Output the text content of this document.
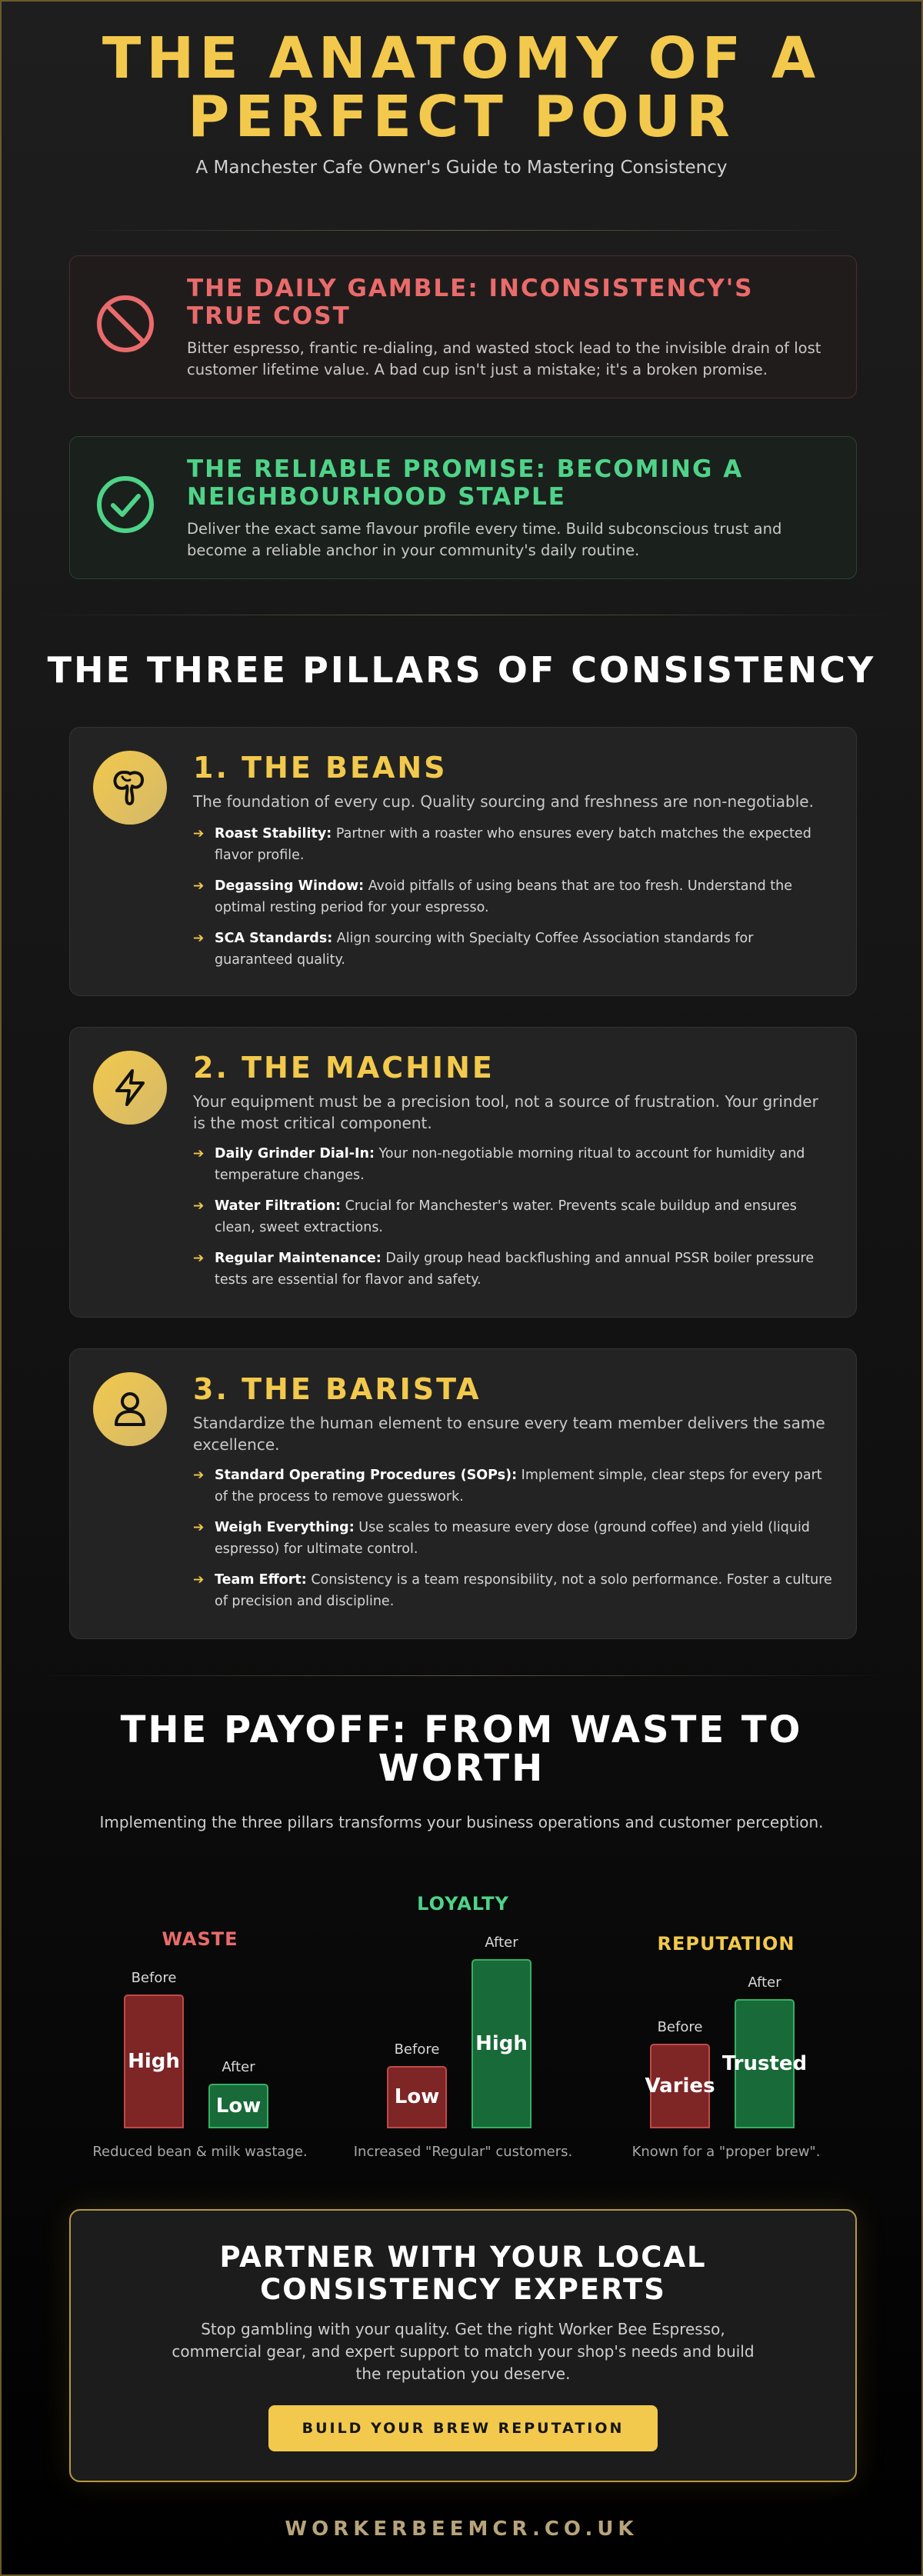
THE ANATOMY OF A PERFECT POUR
A Manchester Cafe Owner's Guide to Mastering Consistency
THE DAILY GAMBLE: INCONSISTENCY'S TRUE COST
Bitter espresso, frantic re-dialing, and wasted stock lead to the invisible drain of lost customer lifetime value. A bad cup isn't just a mistake; it's a broken promise.
THE RELIABLE PROMISE: BECOMING A NEIGHBOURHOOD STAPLE
Deliver the exact same flavour profile every time. Build subconscious trust and become a reliable anchor in your community's daily routine.
THE THREE PILLARS OF CONSISTENCY
1. THE BEANS
The foundation of every cup. Quality sourcing and freshness are non-negotiable.
➔ Roast Stability: Partner with a roaster who ensures every batch matches the expected flavor profile.
➔ Degassing Window: Avoid pitfalls of using beans that are too fresh. Understand the optimal resting period for your espresso.
➔ SCA Standards: Align sourcing with Specialty Coffee Association standards for guaranteed quality.
2. THE MACHINE
Your equipment must be a precision tool, not a source of frustration. Your grinder is the most critical component.
➔ Daily Grinder Dial-In: Your non-negotiable morning ritual to account for humidity and temperature changes.
➔ Water Filtration: Crucial for Manchester's water. Prevents scale buildup and ensures clean, sweet extractions.
➔ Regular Maintenance: Daily group head backflushing and annual PSSR boiler pressure tests are essential for flavor and safety.
3. THE BARISTA
Standardize the human element to ensure every team member delivers the same excellence.
➔ Standard Operating Procedures (SOPs): Implement simple, clear steps for every part of the process to remove guesswork.
➔ Weigh Everything: Use scales to measure every dose (ground coffee) and yield (liquid espresso) for ultimate control.
➔ Team Effort: Consistency is a team responsibility, not a solo performance. Foster a culture of precision and discipline.
THE PAYOFF: FROM WASTE TO WORTH
Implementing the three pillars transforms your business operations and customer perception.
WASTE
High
Before
Low
After
Reduced bean & milk wastage.
LOYALTY
Low
Before	High
After
Increased "Regular" customers.
REPUTATION
Varies
Before
Trusted
After
Known for a "proper brew".
PARTNER WITH YOUR LOCAL CONSISTENCY EXPERTS
Stop gambling with your quality. Get the right Worker Bee Espresso, commercial gear, and expert support to match your shop's needs and build the reputation you deserve.
BUILD YOUR BREW REPUTATION
WORKERBEEMCR.CO.UK
